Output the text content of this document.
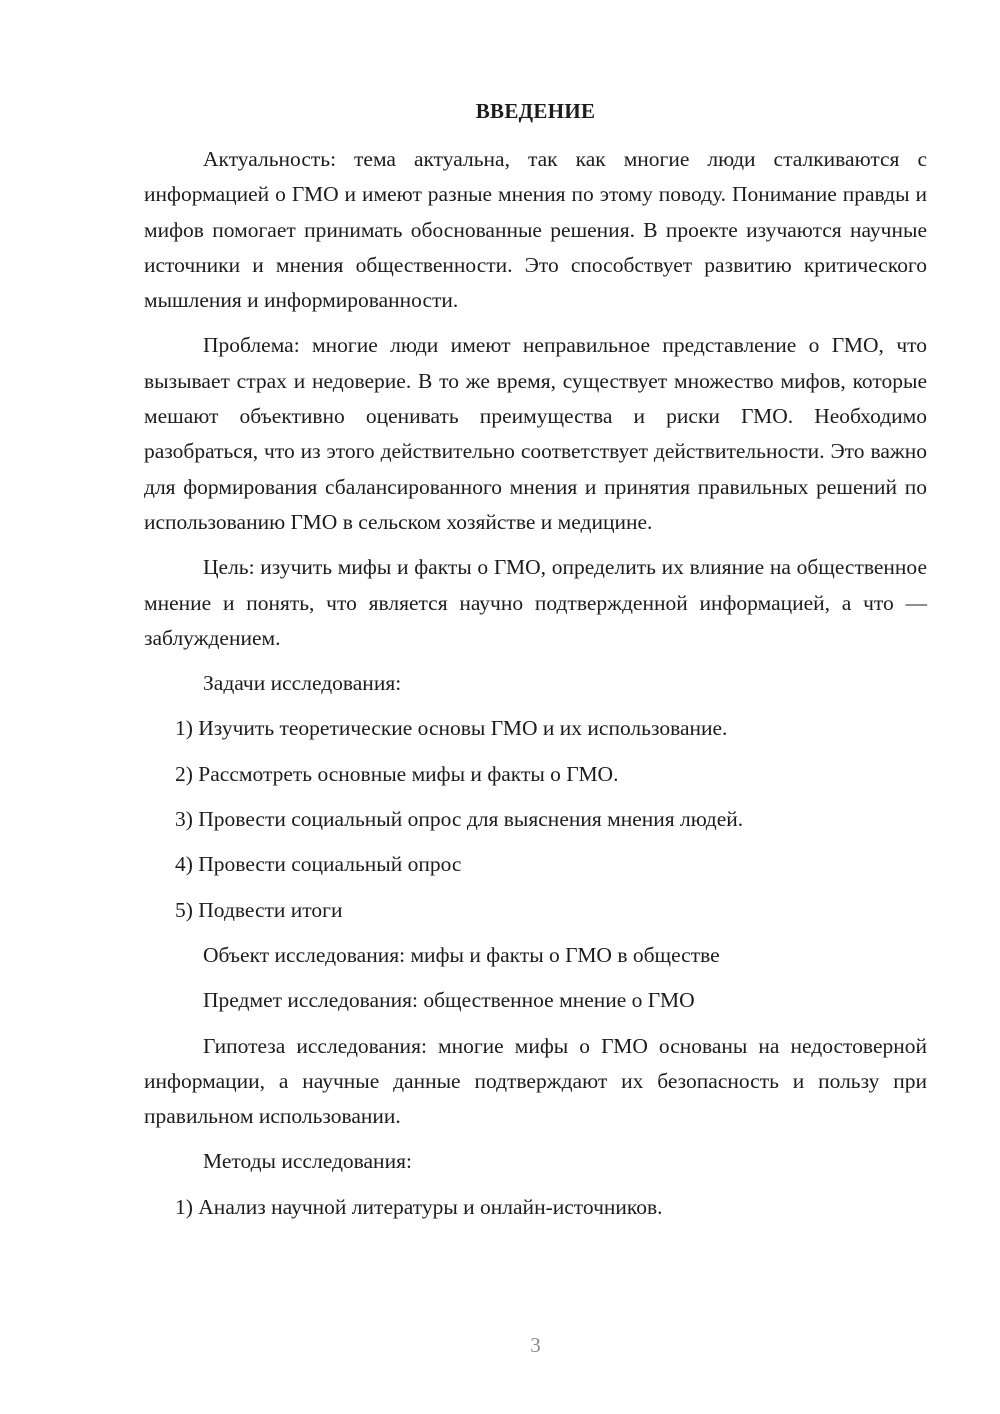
ВВЕДЕНИЕ

Актуальность: тема актуальна, так как многие люди сталкиваются с информацией о ГМО и имеют разные мнения по этому поводу. Понимание правды и мифов помогает принимать обоснованные решения. В проекте изучаются научные источники и мнения общественности. Это способствует развитию критического мышления и информированности.

Проблема: многие люди имеют неправильное представление о ГМО, что вызывает страх и недоверие. В то же время, существует множество мифов, которые мешают объективно оценивать преимущества и риски ГМО. Необходимо разобраться, что из этого действительно соответствует действительности. Это важно для формирования сбалансированного мнения и принятия правильных решений по использованию ГМО в сельском хозяйстве и медицине.

Цель: изучить мифы и факты о ГМО, определить их влияние на общественное мнение и понять, что является научно подтвержденной информацией, а что — заблуждением.

Задачи исследования:

1) Изучить теоретические основы ГМО и их использование.

2) Рассмотреть основные мифы и факты о ГМО.

3) Провести социальный опрос для выяснения мнения людей.

4) Провести социальный опрос

5) Подвести итоги

Объект исследования: мифы и факты о ГМО в обществе

Предмет исследования: общественное мнение о ГМО

Гипотеза исследования: многие мифы о ГМО основаны на недостоверной информации, а научные данные подтверждают их безопасность и пользу при правильном использовании.

Методы исследования:

1) Анализ научной литературы и онлайн-источников.

3
